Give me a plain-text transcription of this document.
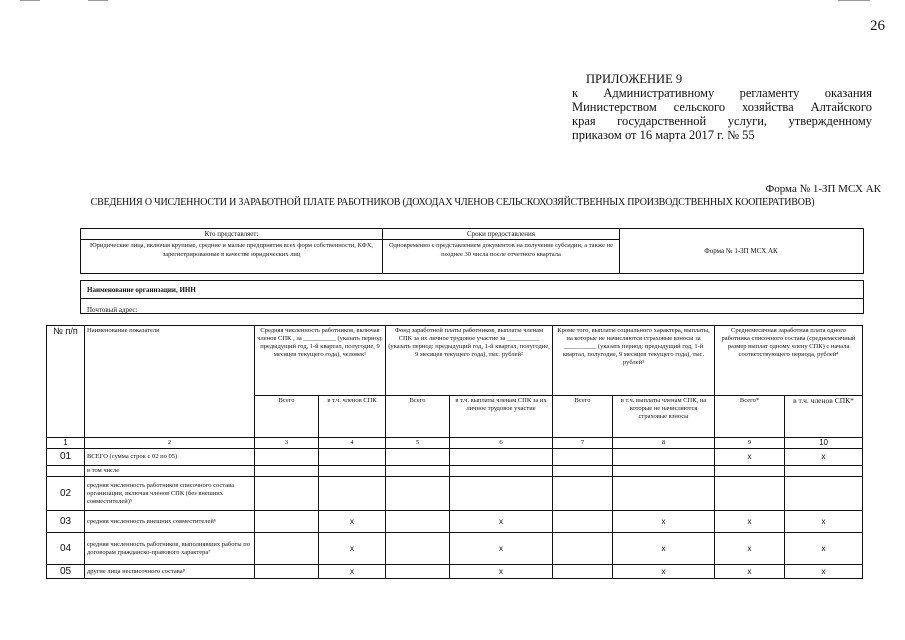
26
ПРИЛОЖЕНИЕ 9
к Административному регламенту оказания
Министерством сельского хозяйства Алтайского
края государственной услуги, утвержденному
приказом от 16 марта 2017 г. № 55
Форма № 1-ЗП МСХ АК
СВЕДЕНИЯ О ЧИСЛЕННОСТИ И ЗАРАБОТНОЙ ПЛАТЕ РАБОТНИКОВ (ДОХОДАХ ЧЛЕНОВ СЕЛЬСКОХОЗЯЙСТВЕННЫХ ПРОИЗВОДСТВЕННЫХ КООПЕРАТИВОВ)
Кто представляет:
Юридические лица, включая крупные, средние и малые предприятия всех форм собственности, КФХ, зарегистрированные в качестве юридических лиц
Сроки предоставления
Одновременно с представлением документов на получение субсидии, а также не позднее 30 числа после отчетного квартала	Форма № 1-ЗП МСХ АК
Наименование организации, ИНН
Почтовый адрес:
№ п/п	Наименование показателя	Средняя численность работников, включая членов СПК , за __________ (указать период: предыдущий год, 1-й квартал, полугодие, 9 месяцев текущего года), человек¹		Фонд заработной платы работников, выплаты членам СПК за их личное трудовое участие за __________ (указать период: предыдущий год, 1-й квартал, полугодие, 9 месяцев текущего года), тыс. рублей²		Кроме того, выплаты социального характера, выплаты, на которые не начисляются страховые взносы за __________ (указать период: предыдущий год, 1-й квартал, полугодие, 9 месяцев текущего года), тыс. рублей³		Среднемесячная заработная плата одного работника списочного состава (среднемесячный размер выплат одному члену СПК) с начала соответствующего периода, рублей⁴	
		Всего	в т.ч. членов СПК	Всего	в т.ч. выплаты членам СПК за их личное трудовое участие	Всего	в т.ч. выплаты членам СПК, на которые не начисляются страховые взносы	Всего*	в т.ч. членов СПК*
1	2	3	4	5	6	7	8	9	10
01	ВСЕГО (сумма строк с 02 по 05)							x	x
	в том числе								
02	средняя численность работников списочного состава организации, включая членов СПК (без внешних совместителей)⁵								
03	средняя численность внешних совместителей⁶		x		x		x	x	x
04	средняя численность работников, выполнявших работы по договорам гражданско-правового характера⁷		x		x		x	x	x
05	другие лица несписочного состава⁸		x		x		x	x	x
